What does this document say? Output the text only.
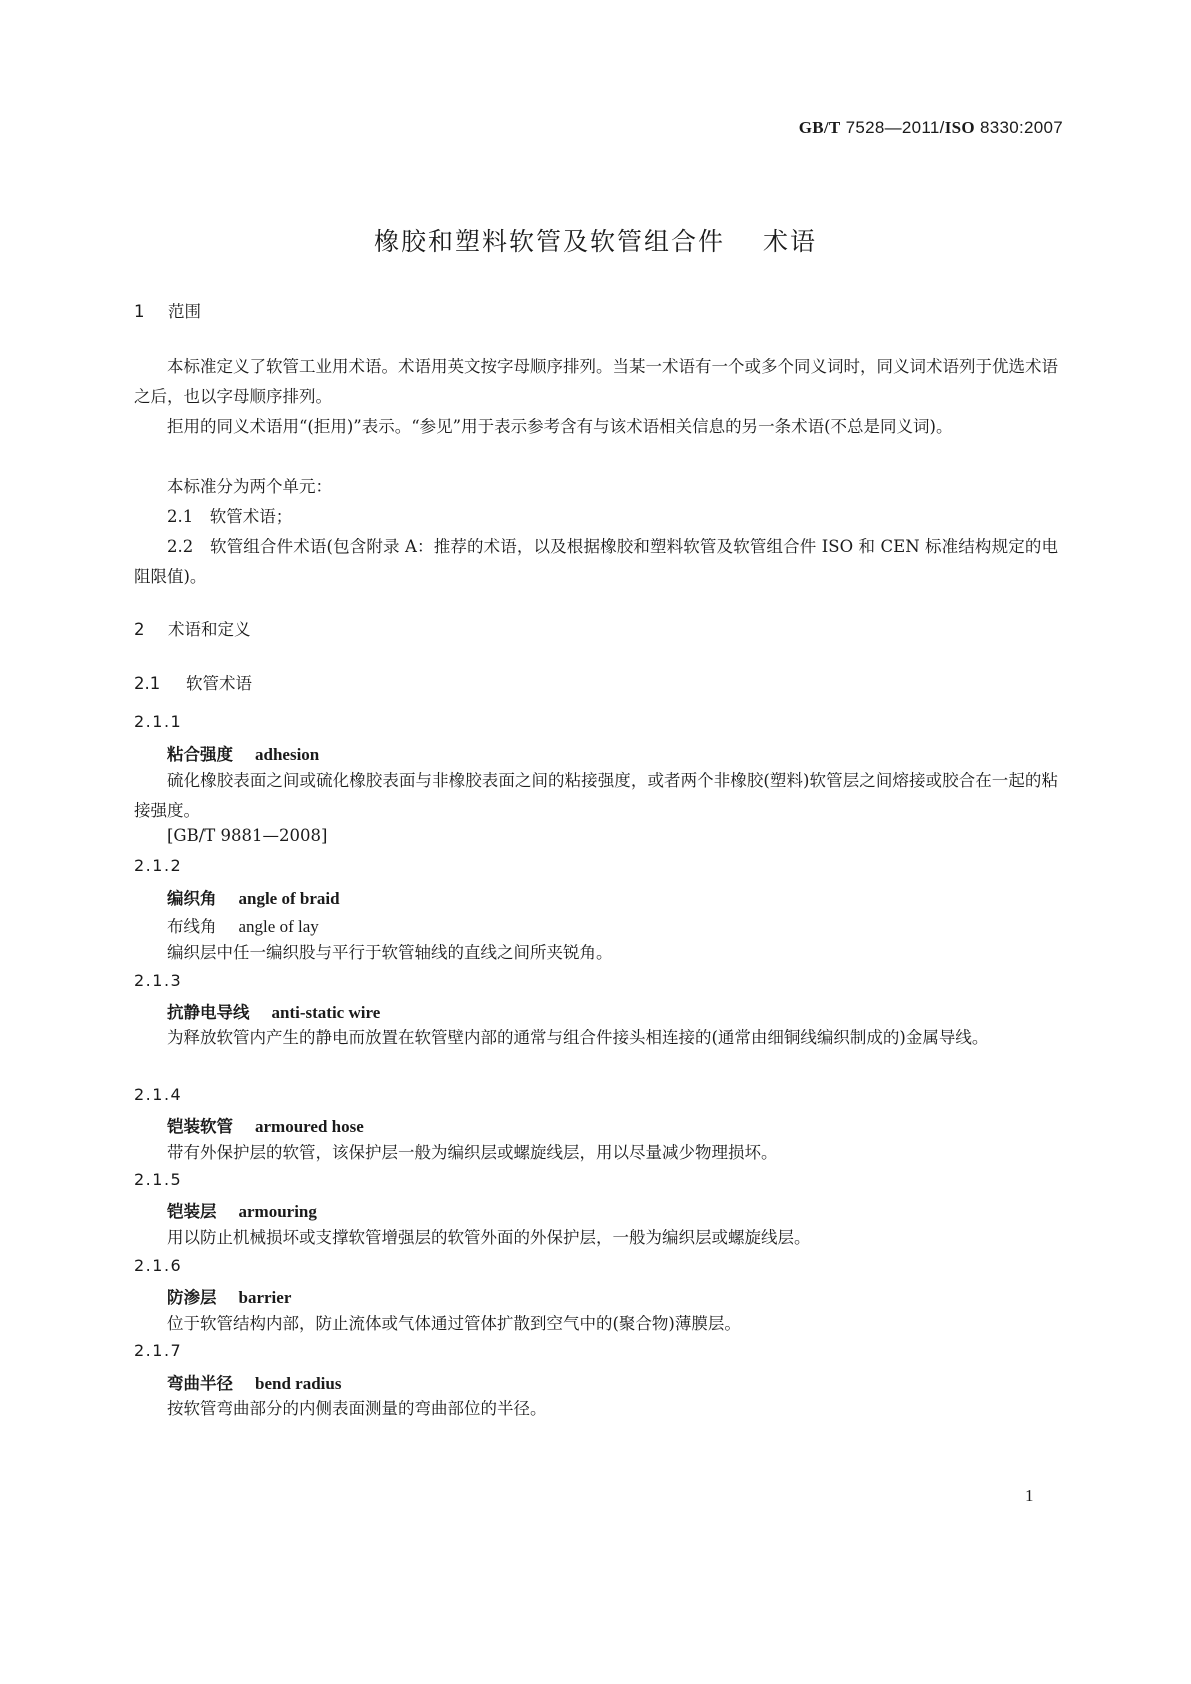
GB/T 7528—2011/ISO 8330:2007
橡胶和塑料软管及软管组合件 术语
1 范围
本标准定义了软管工业用术语。术语用英文按字母顺序排列。当某一术语有一个或多个同义词时，同义词术语列于优选术语之后，也以字母顺序排列。
拒用的同义术语用“(拒用)”表示。“参见”用于表示参考含有与该术语相关信息的另一条术语(不总是同义词)。
本标准分为两个单元：
2.1　软管术语；
2.2　软管组合件术语(包含附录 A：推荐的术语，以及根据橡胶和塑料软管及软管组合件 ISO 和 CEN 标准结构规定的电阻限值)。
2 术语和定义
2.1 软管术语
2.1.1
粘合强度 adhesion
硫化橡胶表面之间或硫化橡胶表面与非橡胶表面之间的粘接强度，或者两个非橡胶(塑料)软管层之间熔接或胶合在一起的粘接强度。
[GB/T 9881—2008]
2.1.2
编织角 angle of braid
布线角 angle of lay
编织层中任一编织股与平行于软管轴线的直线之间所夹锐角。
2.1.3
抗静电导线 anti-static wire
为释放软管内产生的静电而放置在软管壁内部的通常与组合件接头相连接的(通常由细铜线编织制成的)金属导线。
2.1.4
铠装软管 armoured hose
带有外保护层的软管，该保护层一般为编织层或螺旋线层，用以尽量减少物理损坏。
2.1.5
铠装层 armouring
用以防止机械损坏或支撑软管增强层的软管外面的外保护层，一般为编织层或螺旋线层。
2.1.6
防渗层 barrier
位于软管结构内部，防止流体或气体通过管体扩散到空气中的(聚合物)薄膜层。
2.1.7
弯曲半径 bend radius
按软管弯曲部分的内侧表面测量的弯曲部位的半径。
1
